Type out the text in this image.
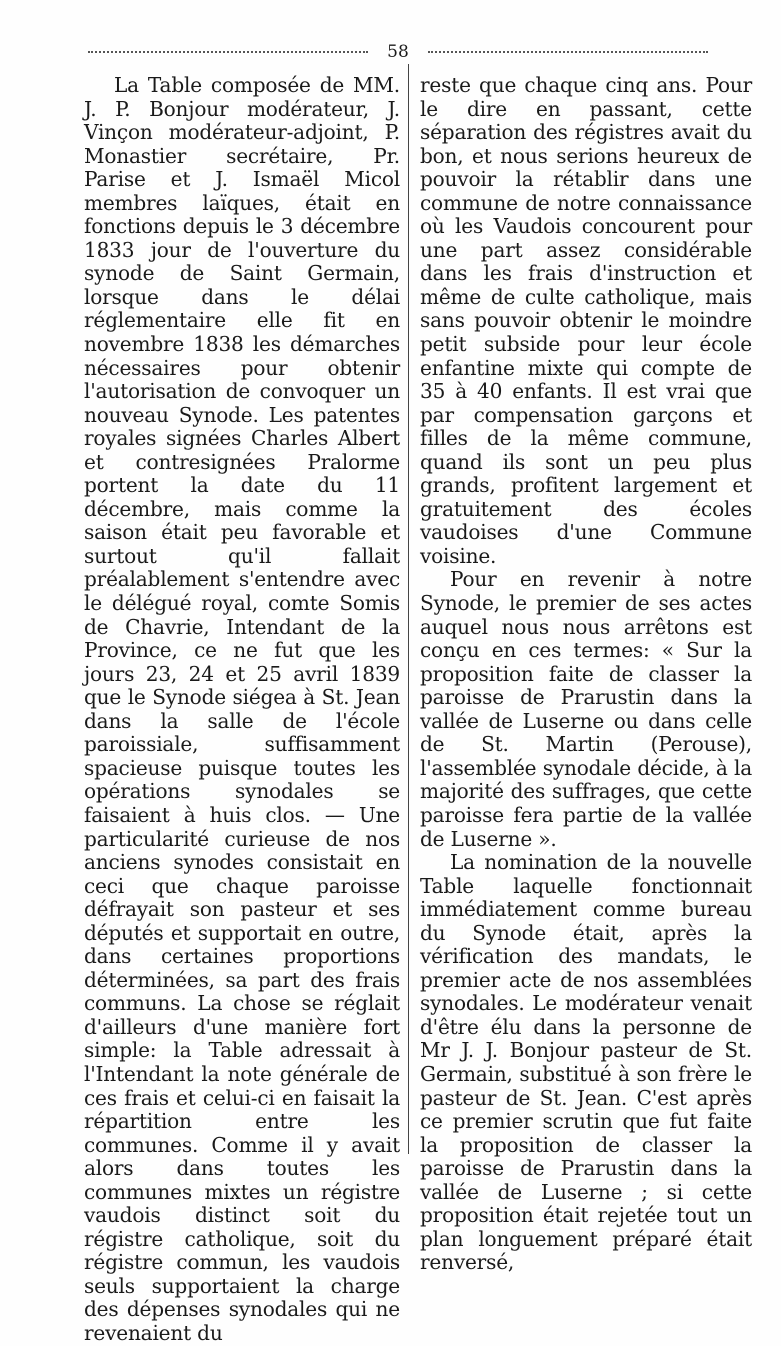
58

La Table composée de MM. J. P. Bonjour modérateur, J. Vinçon modérateur-adjoint, P. Monastier secrétaire, Pr. Parise et J. Ismaël Micol membres laïques, était en fonctions depuis le 3 décembre 1833 jour de l'ouverture du synode de Saint Germain, lorsque dans le délai réglementaire elle fit en novembre 1838 les démarches nécessaires pour obtenir l'autorisation de convoquer un nouveau Synode. Les patentes royales signées Charles Albert et contresignées Pralorme portent la date du 11 décembre, mais comme la saison était peu favorable et surtout qu'il fallait préalablement s'entendre avec le délégué royal, comte Somis de Chavrie, Intendant de la Province, ce ne fut que les jours 23, 24 et 25 avril 1839 que le Synode siégea à St. Jean dans la salle de l'école paroissiale, suffisamment spacieuse puisque toutes les opérations synodales se faisaient à huis clos. — Une particularité curieuse de nos anciens synodes consistait en ceci que chaque paroisse défrayait son pasteur et ses députés et supportait en outre, dans certaines proportions déterminées, sa part des frais communs. La chose se réglait d'ailleurs d'une manière fort simple: la Table adressait à l'Intendant la note générale de ces frais et celui-ci en faisait la répartition entre les communes. Comme il y avait alors dans toutes les communes mixtes un régistre vaudois distinct soit du régistre catholique, soit du régistre commun, les vaudois seuls supportaient la charge des dépenses synodales qui ne revenaient du

reste que chaque cinq ans. Pour le dire en passant, cette séparation des régistres avait du bon, et nous serions heureux de pouvoir la rétablir dans une commune de notre connaissance où les Vaudois concourent pour une part assez considérable dans les frais d'instruction et même de culte catholique, mais sans pouvoir obtenir le moindre petit subside pour leur école enfantine mixte qui compte de 35 à 40 enfants. Il est vrai que par compensation garçons et filles de la même commune, quand ils sont un peu plus grands, profitent largement et gratuitement des écoles vaudoises d'une Commune voisine.

Pour en revenir à notre Synode, le premier de ses actes auquel nous nous arrêtons est conçu en ces termes: « Sur la proposition faite de classer la paroisse de Prarustin dans la vallée de Luserne ou dans celle de St. Martin (Perouse), l'assemblée synodale décide, à la majorité des suffrages, que cette paroisse fera partie de la vallée de Luserne ».

La nomination de la nouvelle Table laquelle fonctionnait immédiatement comme bureau du Synode était, après la vérification des mandats, le premier acte de nos assemblées synodales. Le modérateur venait d'être élu dans la personne de Mr J. J. Bonjour pasteur de St. Germain, substitué à son frère le pasteur de St. Jean. C'est après ce premier scrutin que fut faite la proposition de classer la paroisse de Prarustin dans la vallée de Luserne ; si cette proposition était rejetée tout un plan longuement préparé était renversé,
